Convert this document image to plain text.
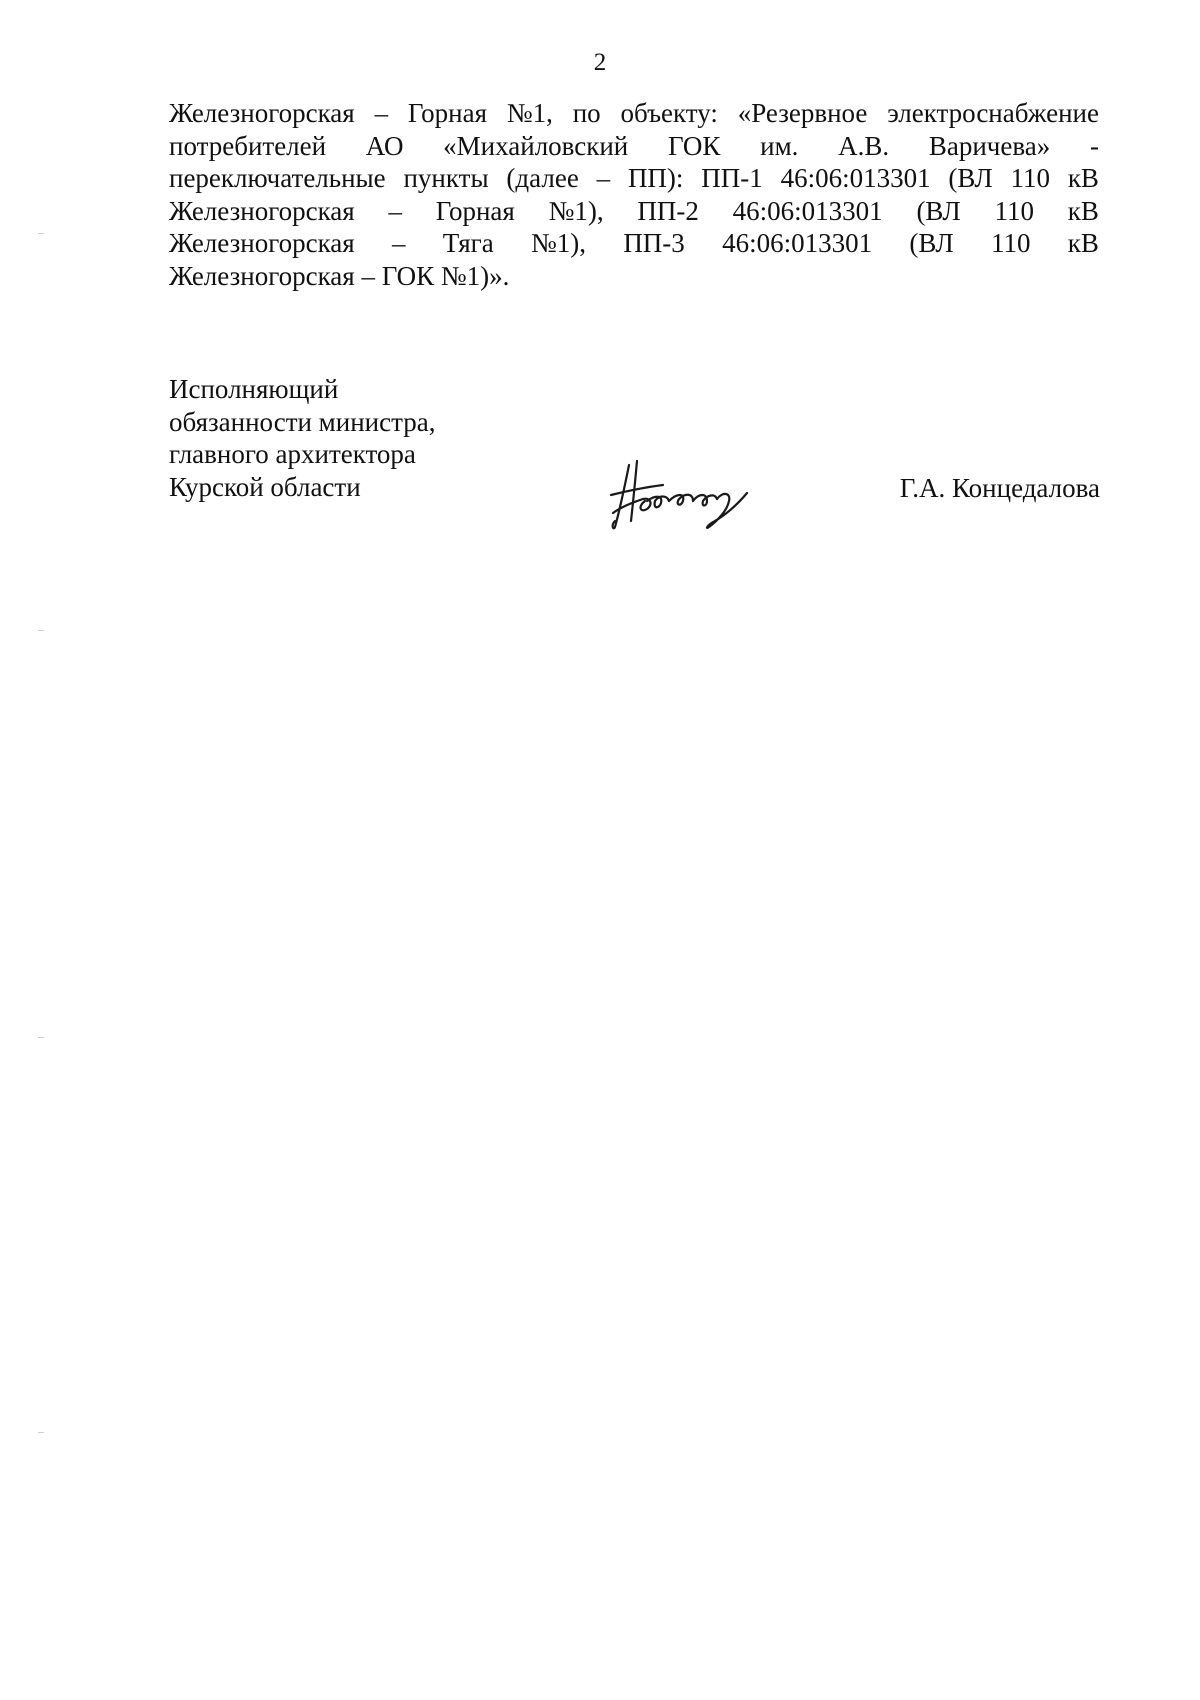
2
Железногорская – Горная №1, по объекту: «Резервное электроснабжение
потребителей АО «Михайловский ГОК им. А.В. Варичева» -
переключательные пункты (далее – ПП): ПП-1 46:06:013301 (ВЛ 110 кВ
Железногорская – Горная №1), ПП-2 46:06:013301 (ВЛ 110 кВ
Железногорская – Тяга №1), ПП-3 46:06:013301 (ВЛ 110 кВ
Железногорская – ГОК №1)».
Исполняющий
обязанности министра,
главного архитектора
Курской области	Г.А. Концедалова
